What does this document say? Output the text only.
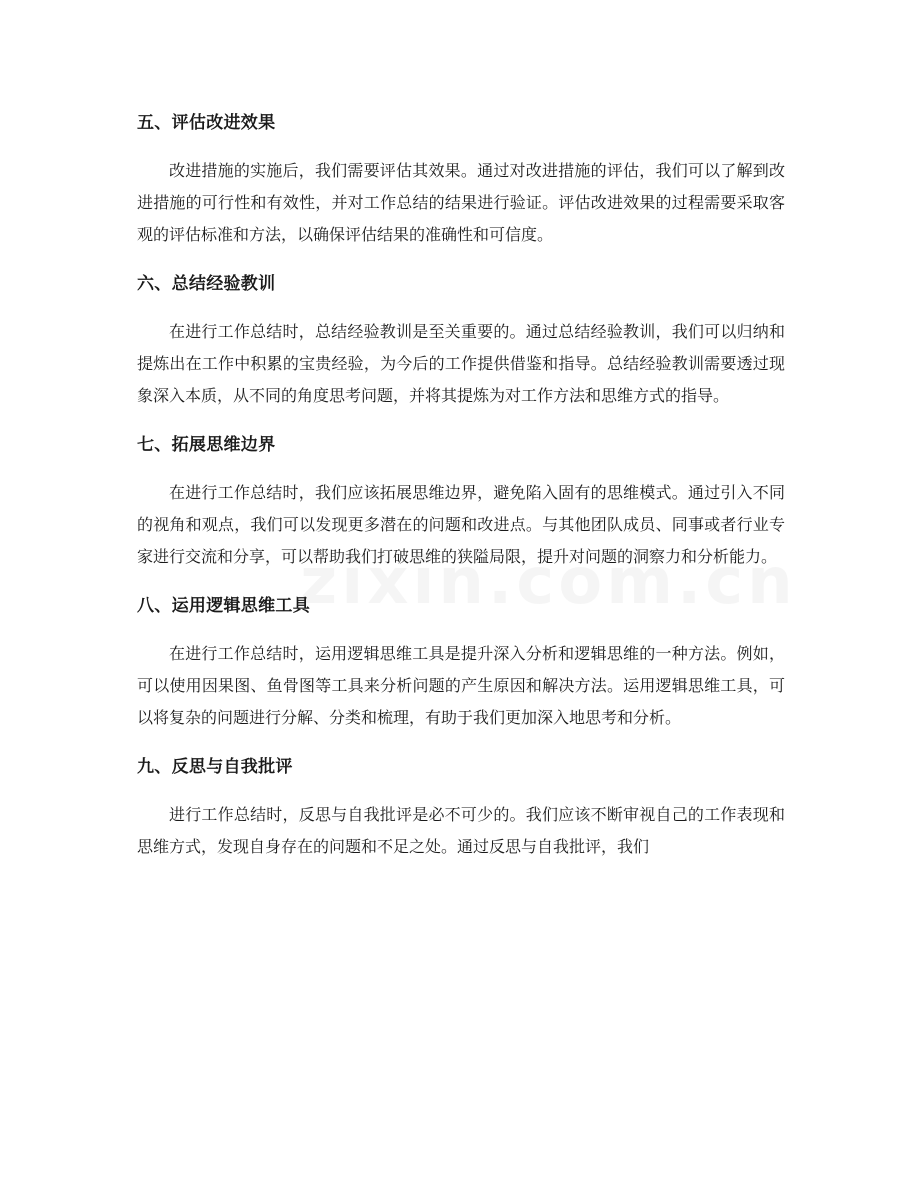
五、评估改进效果

改进措施的实施后，我们需要评估其效果。通过对改进措施的评估，我们可以了解到改进措施的可行性和有效性，并对工作总结的结果进行验证。评估改进效果的过程需要采取客观的评估标准和方法，以确保评估结果的准确性和可信度。

六、总结经验教训

在进行工作总结时，总结经验教训是至关重要的。通过总结经验教训，我们可以归纳和提炼出在工作中积累的宝贵经验，为今后的工作提供借鉴和指导。总结经验教训需要透过现象深入本质，从不同的角度思考问题，并将其提炼为对工作方法和思维方式的指导。

七、拓展思维边界

在进行工作总结时，我们应该拓展思维边界，避免陷入固有的思维模式。通过引入不同的视角和观点，我们可以发现更多潜在的问题和改进点。与其他团队成员、同事或者行业专家进行交流和分享，可以帮助我们打破思维的狭隘局限，提升对问题的洞察力和分析能力。

八、运用逻辑思维工具

在进行工作总结时，运用逻辑思维工具是提升深入分析和逻辑思维的一种方法。例如，可以使用因果图、鱼骨图等工具来分析问题的产生原因和解决方法。运用逻辑思维工具，可以将复杂的问题进行分解、分类和梳理，有助于我们更加深入地思考和分析。

九、反思与自我批评

进行工作总结时，反思与自我批评是必不可少的。我们应该不断审视自己的工作表现和思维方式，发现自身存在的问题和不足之处。通过反思与自我批评，我们
